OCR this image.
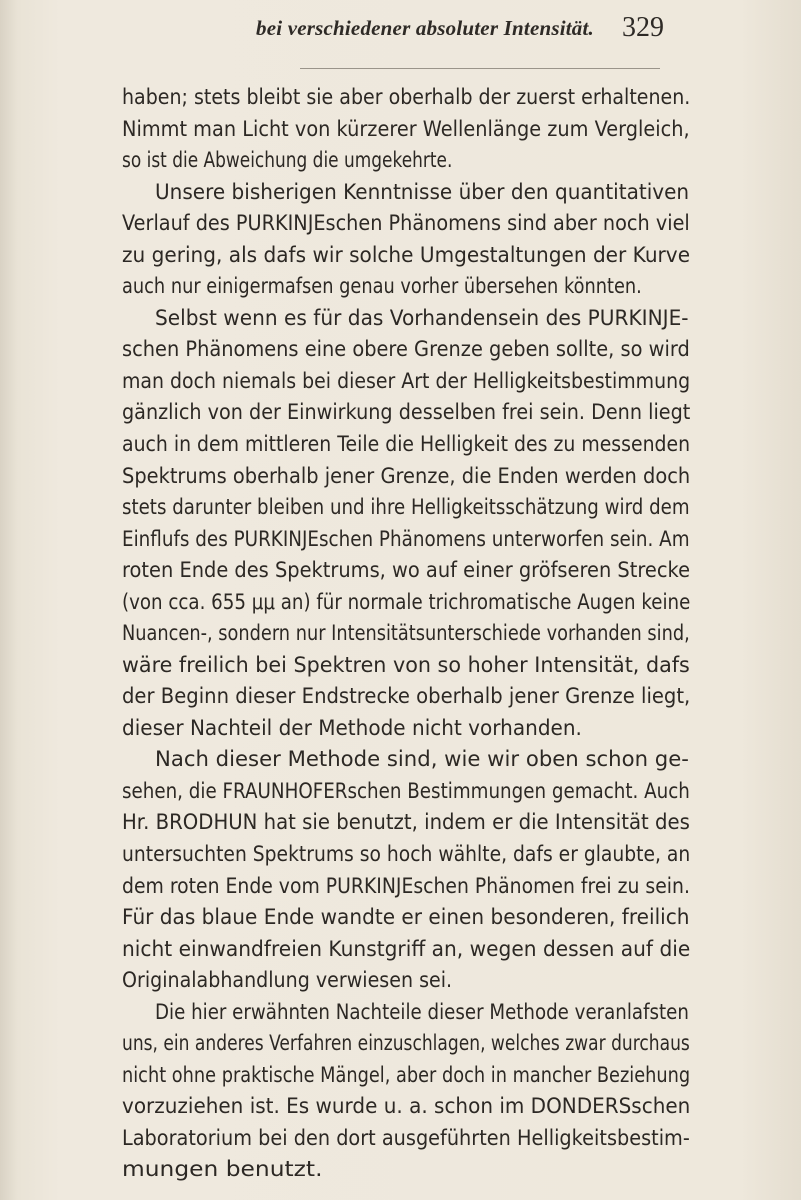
bei verschiedener absoluter Intensität. 329
haben; stets bleibt sie aber oberhalb der zuerst erhaltenen.
Nimmt man Licht von kürzerer Wellenlänge zum Vergleich,
so ist die Abweichung die umgekehrte.
Unsere bisherigen Kenntnisse über den quantitativen
Verlauf des PURKINJEschen Phänomens sind aber noch viel
zu gering, als dafs wir solche Umgestaltungen der Kurve
auch nur einigermafsen genau vorher übersehen könnten.
Selbst wenn es für das Vorhandensein des PURKINJE-
schen Phänomens eine obere Grenze geben sollte, so wird
man doch niemals bei dieser Art der Helligkeitsbestimmung
gänzlich von der Einwirkung desselben frei sein. Denn liegt
auch in dem mittleren Teile die Helligkeit des zu messenden
Spektrums oberhalb jener Grenze, die Enden werden doch
stets darunter bleiben und ihre Helligkeitsschätzung wird dem
Einflufs des PURKINJEschen Phänomens unterworfen sein. Am
roten Ende des Spektrums, wo auf einer gröfseren Strecke
(von cca. 655 μμ an) für normale trichromatische Augen keine
Nuancen-, sondern nur Intensitätsunterschiede vorhanden sind,
wäre freilich bei Spektren von so hoher Intensität, dafs
der Beginn dieser Endstrecke oberhalb jener Grenze liegt,
dieser Nachteil der Methode nicht vorhanden.
Nach dieser Methode sind, wie wir oben schon ge-
sehen, die FRAUNHOFERschen Bestimmungen gemacht. Auch
Hr. BRODHUN hat sie benutzt, indem er die Intensität des
untersuchten Spektrums so hoch wählte, dafs er glaubte, an
dem roten Ende vom PURKINJEschen Phänomen frei zu sein.
Für das blaue Ende wandte er einen besonderen, freilich
nicht einwandfreien Kunstgriff an, wegen dessen auf die
Originalabhandlung verwiesen sei.
Die hier erwähnten Nachteile dieser Methode veranlafsten
uns, ein anderes Verfahren einzuschlagen, welches zwar durchaus
nicht ohne praktische Mängel, aber doch in mancher Beziehung
vorzuziehen ist. Es wurde u. a. schon im DONDERSschen
Laboratorium bei den dort ausgeführten Helligkeitsbestim-
mungen benutzt.
